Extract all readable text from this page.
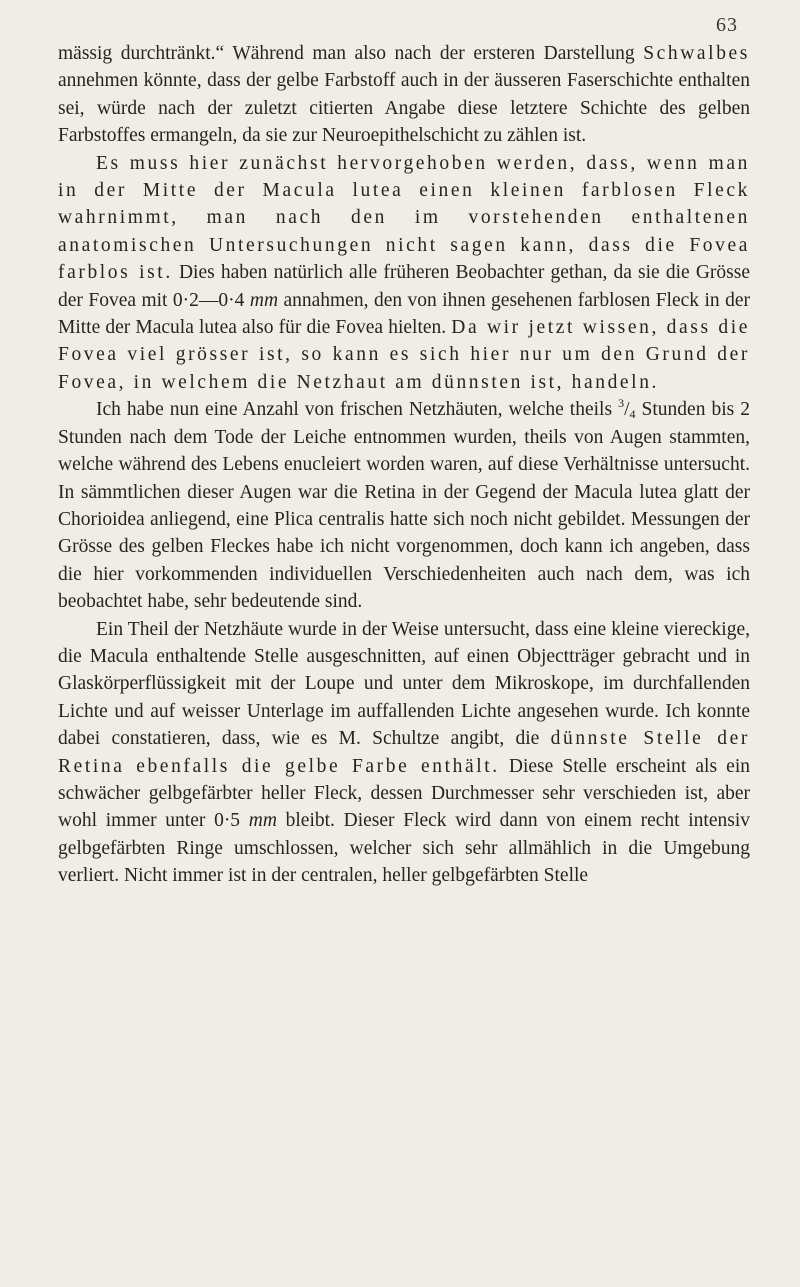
63

mässig durchtränkt.“ Während man also nach der ersteren Darstellung Schwalbes annehmen könnte, dass der gelbe Farbstoff auch in der äusseren Faserschichte enthalten sei, würde nach der zuletzt citierten Angabe diese letztere Schichte des gelben Farbstoffes ermangeln, da sie zur Neuroepithelschicht zu zählen ist.

Es muss hier zunächst hervorgehoben werden, dass, wenn man in der Mitte der Macula lutea einen kleinen farblosen Fleck wahrnimmt, man nach den im vorstehenden enthaltenen anatomischen Untersuchungen nicht sagen kann, dass die Fovea farblos ist. Dies haben natürlich alle früheren Beobachter gethan, da sie die Grösse der Fovea mit 0·2—0·4 mm annahmen, den von ihnen gesehenen farblosen Fleck in der Mitte der Macula lutea also für die Fovea hielten. Da wir jetzt wissen, dass die Fovea viel grösser ist, so kann es sich hier nur um den Grund der Fovea, in welchem die Netzhaut am dünnsten ist, handeln.

Ich habe nun eine Anzahl von frischen Netzhäuten, welche theils $^3/_4$ Stunden bis 2 Stunden nach dem Tode der Leiche entnommen wurden, theils von Augen stammten, welche während des Lebens enucleiert worden waren, auf diese Verhältnisse untersucht. In sämmtlichen dieser Augen war die Retina in der Gegend der Macula lutea glatt der Chorioidea anliegend, eine Plica centralis hatte sich noch nicht gebildet. Messungen der Grösse des gelben Fleckes habe ich nicht vorgenommen, doch kann ich angeben, dass die hier vorkommenden individuellen Verschiedenheiten auch nach dem, was ich beobachtet habe, sehr bedeutende sind.

Ein Theil der Netzhäute wurde in der Weise untersucht, dass eine kleine viereckige, die Macula enthaltende Stelle ausgeschnitten, auf einen Objectträger gebracht und in Glaskörperflüssigkeit mit der Loupe und unter dem Mikroskope, im durchfallenden Lichte und auf weisser Unterlage im auffallenden Lichte angesehen wurde. Ich konnte dabei constatieren, dass, wie es M. Schultze angibt, die dünnste Stelle der Retina ebenfalls die gelbe Farbe enthält. Diese Stelle erscheint als ein schwächer gelbgefärbter heller Fleck, dessen Durchmesser sehr verschieden ist, aber wohl immer unter 0·5 mm bleibt. Dieser Fleck wird dann von einem recht intensiv gelbgefärbten Ringe umschlossen, welcher sich sehr allmählich in die Umgebung verliert. Nicht immer ist in der centralen, heller gelbgefärbten Stelle
